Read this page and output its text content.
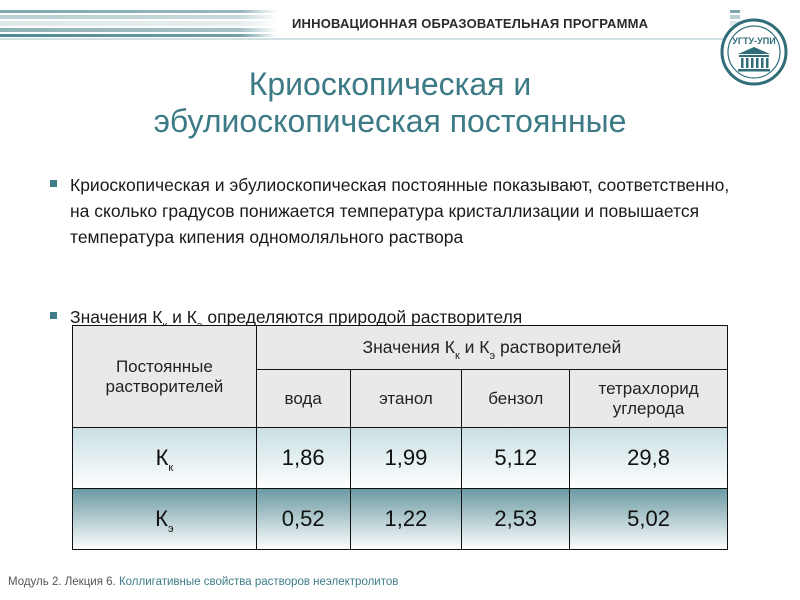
ИННОВАЦИОННАЯ ОБРАЗОВАТЕЛЬНАЯ ПРОГРАММА
УГТУ-УПИ
Криоскопическая и
эбулиоскопическая постоянные
Криоскопическая и эбулиоскопическая постоянные показывают, соответственно, на сколько градусов понижается температура кристаллизации и повышается температура кипения одномоляльного раствора
Значения $К_к$ и $К_э$ определяются природой растворителя
Постоянные растворителей	Значения $К_к$ и $К_э$ растворителей			
	вода	этанол	бензол	тетрахлорид углерода
$К_к$	1,86	1,99	5,12	29,8
$К_э$	0,52	1,22	2,53	5,02
Модуль 2. Лекция 6. Коллигативные свойства растворов неэлектролитов
